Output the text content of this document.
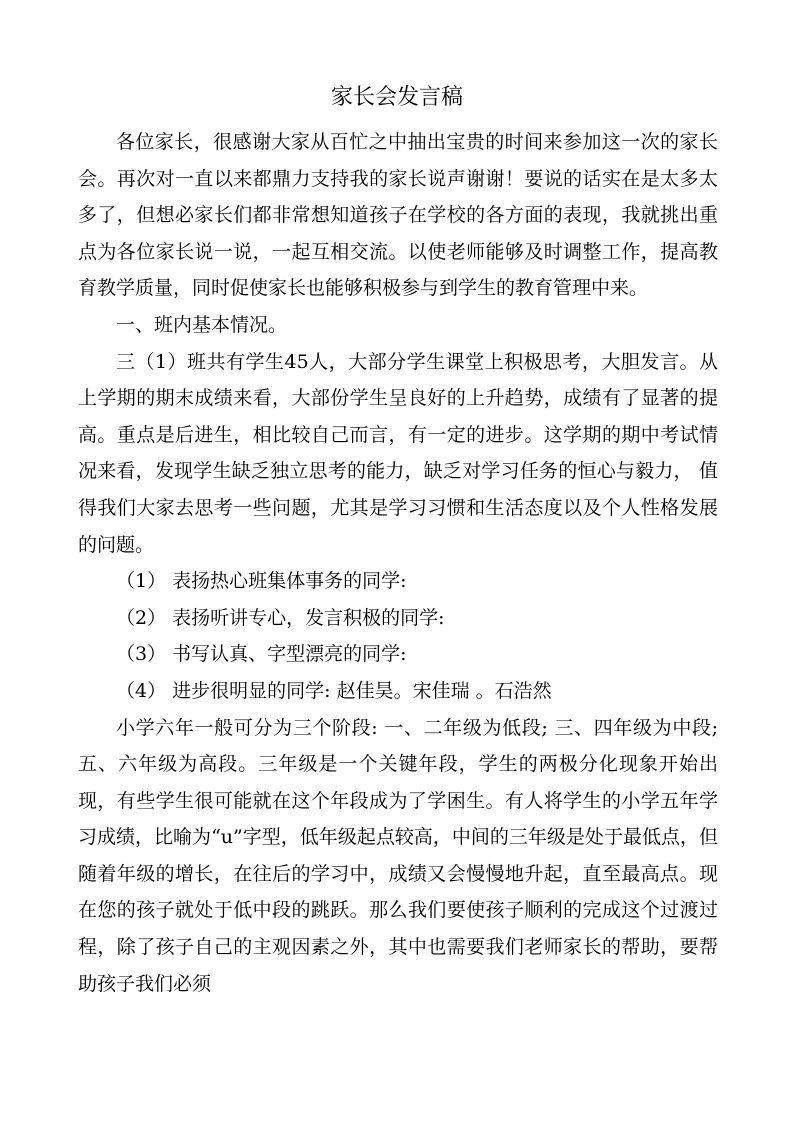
家长会发言稿

各位家长，很感谢大家从百忙之中抽出宝贵的时间来参加这一次的家长会。再次对一直以来都鼎力支持我的家长说声谢谢！要说的话实在是太多太多了，但想必家长们都非常想知道孩子在学校的各方面的表现，我就挑出重点为各位家长说一说，一起互相交流。以使老师能够及时调整工作，提高教育教学质量，同时促使家长也能够积极参与到学生的教育管理中来。

一、班内基本情况。

三（1）班共有学生45人，大部分学生课堂上积极思考，大胆发言。从上学期的期末成绩来看，大部份学生呈良好的上升趋势，成绩有了显著的提高。重点是后进生，相比较自己而言，有一定的进步。这学期的期中考试情况来看，发现学生缺乏独立思考的能力，缺乏对学习任务的恒心与毅力， 值得我们大家去思考一些问题，尤其是学习习惯和生活态度以及个人性格发展的问题。

（1） 表扬热心班集体事务的同学:

（2） 表扬听讲专心，发言积极的同学:

（3） 书写认真、字型漂亮的同学:

（4） 进步很明显的同学: 赵佳昊。宋佳瑞 。石浩然

小学六年一般可分为三个阶段: 一、二年级为低段; 三、四年级为中段; 五、六年级为高段。三年级是一个关键年段，学生的两极分化现象开始出现，有些学生很可能就在这个年段成为了学困生。有人将学生的小学五年学习成绩，比喻为“u”字型，低年级起点较高，中间的三年级是处于最低点，但随着年级的增长，在往后的学习中，成绩又会慢慢地升起，直至最高点。现在您的孩子就处于低中段的跳跃。那么我们要使孩子顺利的完成这个过渡过程，除了孩子自己的主观因素之外，其中也需要我们老师家长的帮助，要帮助孩子我们必须
